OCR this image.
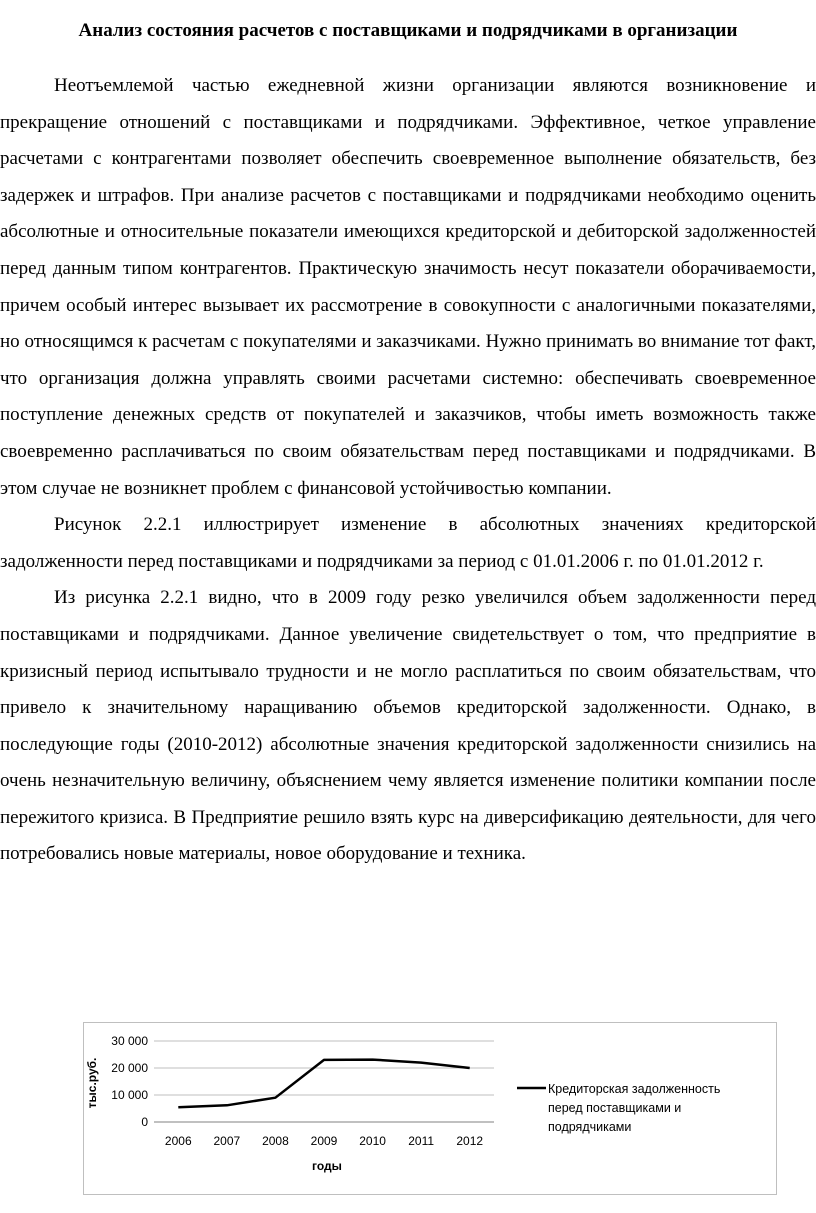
Анализ состояния расчетов с поставщиками и подрядчиками в организации

Неотъемлемой частью ежедневной жизни организации являются возникновение и прекращение отношений с поставщиками и подрядчиками. Эффективное, четкое управление расчетами с контрагентами позволяет обеспечить своевременное выполнение обязательств, без задержек и штрафов. При анализе расчетов с поставщиками и подрядчиками необходимо оценить абсолютные и относительные показатели имеющихся кредиторской и дебиторской задолженностей перед данным типом контрагентов. Практическую значимость несут показатели оборачиваемости, причем особый интерес вызывает их рассмотрение в совокупности с аналогичными показателями, но относящимся к расчетам с покупателями и заказчиками. Нужно принимать во внимание тот факт, что организация должна управлять своими расчетами системно: обеспечивать своевременное поступление денежных средств от покупателей и заказчиков, чтобы иметь возможность также своевременно расплачиваться по своим обязательствам перед поставщиками и подрядчиками. В этом случае не возникнет проблем с финансовой устойчивостью компании.

Рисунок 2.2.1 иллюстрирует изменение в абсолютных значениях кредиторской задолженности перед поставщиками и подрядчиками за период с 01.01.2006 г. по 01.01.2012 г.

Из рисунка 2.2.1 видно, что в 2009 году резко увеличился объем задолженности перед поставщиками и подрядчиками. Данное увеличение свидетельствует о том, что предприятие в кризисный период испытывало трудности и не могло расплатиться по своим обязательствам, что привело к значительному наращиванию объемов кредиторской задолженности. Однако, в последующие годы (2010-2012) абсолютные значения кредиторской задолженности снизились на очень незначительную величину, объяснением чему является изменение политики компании после пережитого кризиса. В Предприятие решило взять курс на диверсификацию деятельности, для чего потребовались новые материалы, новое оборудование и техника.

0
10 000
20 000
30 000
2006 2007 2008 2009 2010 2011 2012
тыс.руб.
годы
Кредиторская задолженность
перед поставщиками и
подрядчиками
